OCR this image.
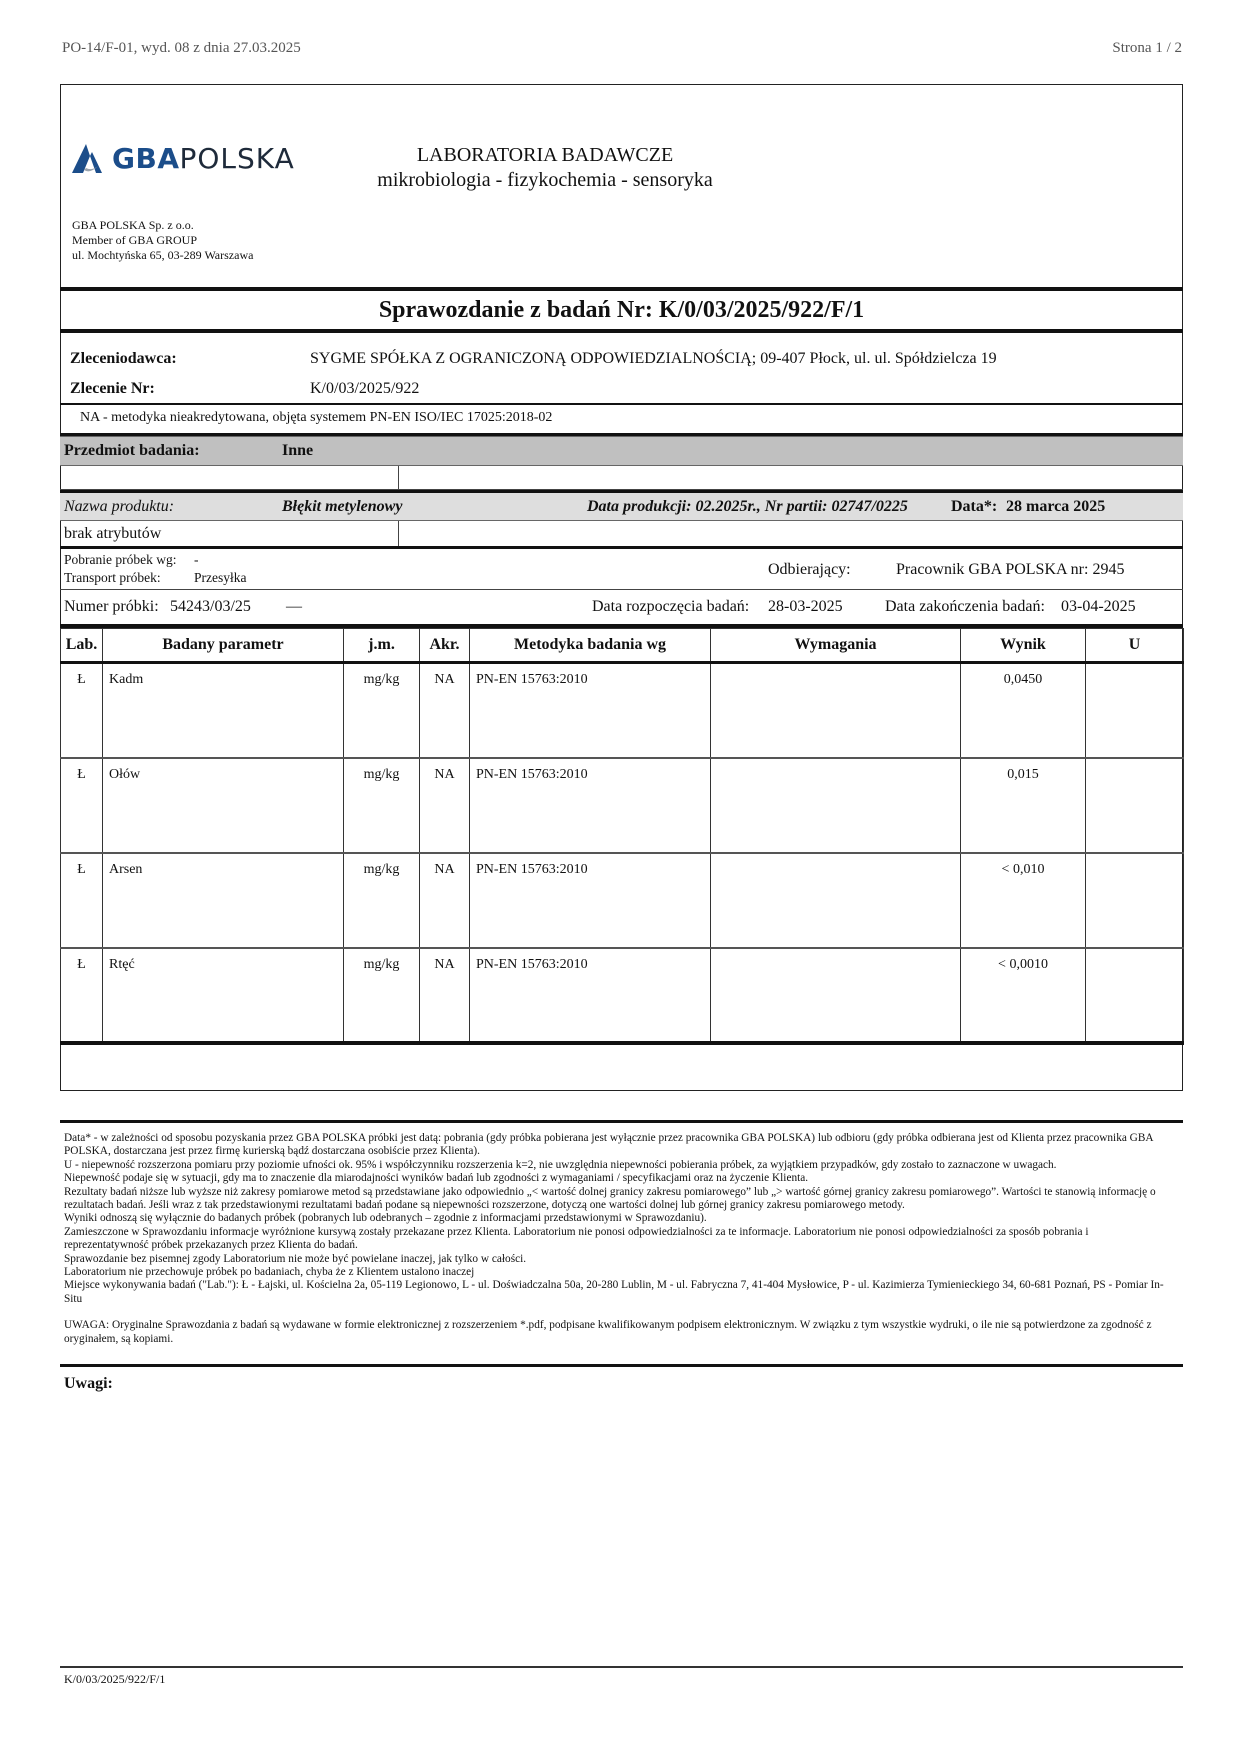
PO-14/F-01, wyd. 08 z dnia 27.03.2025	Strona 1 / 2
GBA POLSKA	LABORATORIA BADAWCZE
mikrobiologia - fizykochemia - sensoryka
GBA POLSKA Sp. z o.o.
Member of GBA GROUP
ul. Mochtyńska 65, 03-289 Warszawa
Sprawozdanie z badań Nr: K/0/03/2025/922/F/1
Zleceniodawca:	SYGME SPÓŁKA Z OGRANICZONĄ ODPOWIEDZIALNOŚCIĄ; 09-407 Płock, ul. ul. Spółdzielcza 19
Zlecenie Nr:	K/0/03/2025/922
NA - metodyka nieakredytowana, objęta systemem PN-EN ISO/IEC 17025:2018-02
Przedmiot badania:	Inne
Nazwa produktu:	Błękit metylenowy	Data produkcji: 02.2025r., Nr partii: 02747/0225	Data*: 28 marca 2025
brak atrybutów
Pobranie próbek wg: -
Transport próbek: Przesyłka	Odbierający:	Pracownik GBA POLSKA nr: 2945
Numer próbki: 54243/03/25 —	Data rozpoczęcia badań: 28-03-2025	Data zakończenia badań: 03-04-2025
Lab.	Badany parametr	j.m.	Akr.	Metodyka badania wg	Wymagania	Wynik	U
Ł	Kadm	mg/kg	NA	PN-EN 15763:2010		0,0450	
Ł	Ołów	mg/kg	NA	PN-EN 15763:2010		0,015	
Ł	Arsen	mg/kg	NA	PN-EN 15763:2010		< 0,010	
Ł	Rtęć	mg/kg	NA	PN-EN 15763:2010		< 0,0010	

Data* - w zależności od sposobu pozyskania przez GBA POLSKA próbki jest datą: pobrania (gdy próbka pobierana jest wyłącznie przez pracownika GBA POLSKA) lub odbioru (gdy próbka odbierana jest od Klienta przez pracownika GBA POLSKA, dostarczana jest przez firmę kurierską bądź dostarczana osobiście przez Klienta).

U - niepewność rozszerzona pomiaru przy poziomie ufności ok. 95% i współczynniku rozszerzenia k=2, nie uwzględnia niepewności pobierania próbek, za wyjątkiem przypadków, gdy zostało to zaznaczone w uwagach.

Niepewność podaje się w sytuacji, gdy ma to znaczenie dla miarodajności wyników badań lub zgodności z wymaganiami / specyfikacjami oraz na życzenie Klienta.

Rezultaty badań niższe lub wyższe niż zakresy pomiarowe metod są przedstawiane jako odpowiednio „< wartość dolnej granicy zakresu pomiarowego” lub „> wartość górnej granicy zakresu pomiarowego”. Wartości te stanowią informację o rezultatach badań. Jeśli wraz z tak przedstawionymi rezultatami badań podane są niepewności rozszerzone, dotyczą one wartości dolnej lub górnej granicy zakresu pomiarowego metody.

Wyniki odnoszą się wyłącznie do badanych próbek (pobranych lub odebranych – zgodnie z informacjami przedstawionymi w Sprawozdaniu).

Zamieszczone w Sprawozdaniu informacje wyróżnione kursywą zostały przekazane przez Klienta. Laboratorium nie ponosi odpowiedzialności za te informacje. Laboratorium nie ponosi odpowiedzialności za sposób pobrania i reprezentatywność próbek przekazanych przez Klienta do badań.

Sprawozdanie bez pisemnej zgody Laboratorium nie może być powielane inaczej, jak tylko w całości.

Laboratorium nie przechowuje próbek po badaniach, chyba że z Klientem ustalono inaczej

Miejsce wykonywania badań ("Lab."): Ł - Łajski, ul. Kościelna 2a, 05-119 Legionowo, L - ul. Doświadczalna 50a, 20-280 Lublin, M - ul. Fabryczna 7, 41-404 Mysłowice, P - ul. Kazimierza Tymienieckiego 34, 60-681 Poznań, PS - Pomiar In-Situ

UWAGA: Oryginalne Sprawozdania z badań są wydawane w formie elektronicznej z rozszerzeniem *.pdf, podpisane kwalifikowanym podpisem elektronicznym. W związku z tym wszystkie wydruki, o ile nie są potwierdzone za zgodność z oryginałem, są kopiami.

Uwagi:
K/0/03/2025/922/F/1
